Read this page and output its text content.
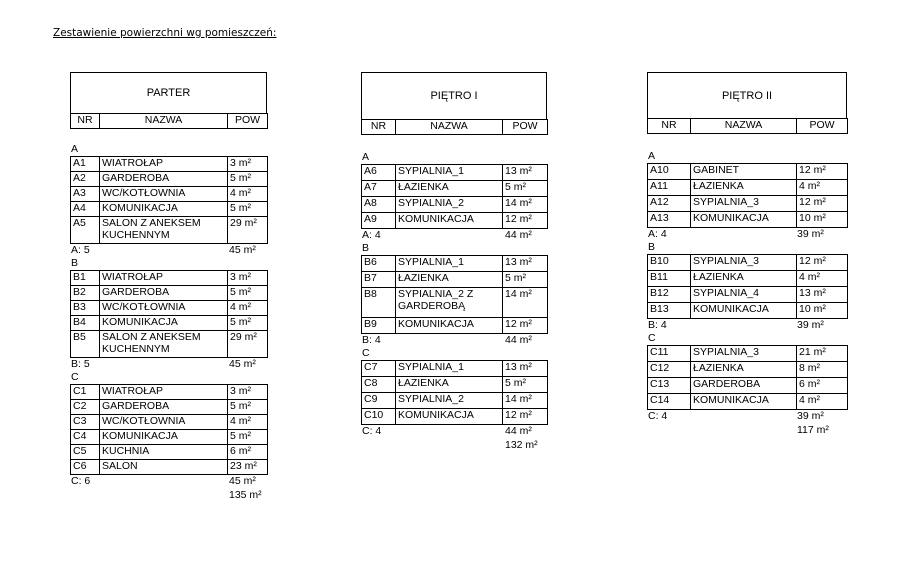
Zestawienie powierzchni wg pomieszczeń:
PARTER
NR	NAZWA	POW
A
A1	WIATROŁAP	3 m²
A2	GARDEROBA	5 m²
A3	WC/KOTŁOWNIA	4 m²
A4	KOMUNIKACJA	5 m²
A5	SALON Z ANEKSEM KUCHENNYM	29 m²
A: 5	45 m²
B
B1	WIATROŁAP	3 m²
B2	GARDEROBA	5 m²
B3	WC/KOTŁOWNIA	4 m²
B4	KOMUNIKACJA	5 m²
B5	SALON Z ANEKSEM KUCHENNYM	29 m²
B: 5	45 m²
C
C1	WIATROŁAP	3 m²
C2	GARDEROBA	5 m²
C3	WC/KOTŁOWNIA	4 m²
C4	KOMUNIKACJA	5 m²
C5	KUCHNIA	6 m²
C6	SALON	23 m²
C: 6	45 m²
135 m²
PIĘTRO I
NR	NAZWA	POW
A
A6	SYPIALNIA_1	13 m²
A7	ŁAZIENKA	5 m²
A8	SYPIALNIA_2	14 m²
A9	KOMUNIKACJA	12 m²
A: 4	44 m²
B
B6	SYPIALNIA_1	13 m²
B7	ŁAZIENKA	5 m²
B8	SYPIALNIA_2 Z GARDEROBĄ	14 m²
B9	KOMUNIKACJA	12 m²
B: 4	44 m²
C
C7	SYPIALNIA_1	13 m²
C8	ŁAZIENKA	5 m²
C9	SYPIALNIA_2	14 m²
C10	KOMUNIKACJA	12 m²
C: 4	44 m²
132 m²
PIĘTRO II
NR	NAZWA	POW
A
A10	GABINET	12 m²
A11	ŁAZIENKA	4 m²
A12	SYPIALNIA_3	12 m²
A13	KOMUNIKACJA	10 m²
A: 4	39 m²
B
B10	SYPIALNIA_3	12 m²
B11	ŁAZIENKA	4 m²
B12	SYPIALNIA_4	13 m²
B13	KOMUNIKACJA	10 m²
B: 4	39 m²
C
C11	SYPIALNIA_3	21 m²
C12	ŁAZIENKA	8 m²
C13	GARDEROBA	6 m²
C14	KOMUNIKACJA	4 m²
C: 4	39 m²
117 m²
